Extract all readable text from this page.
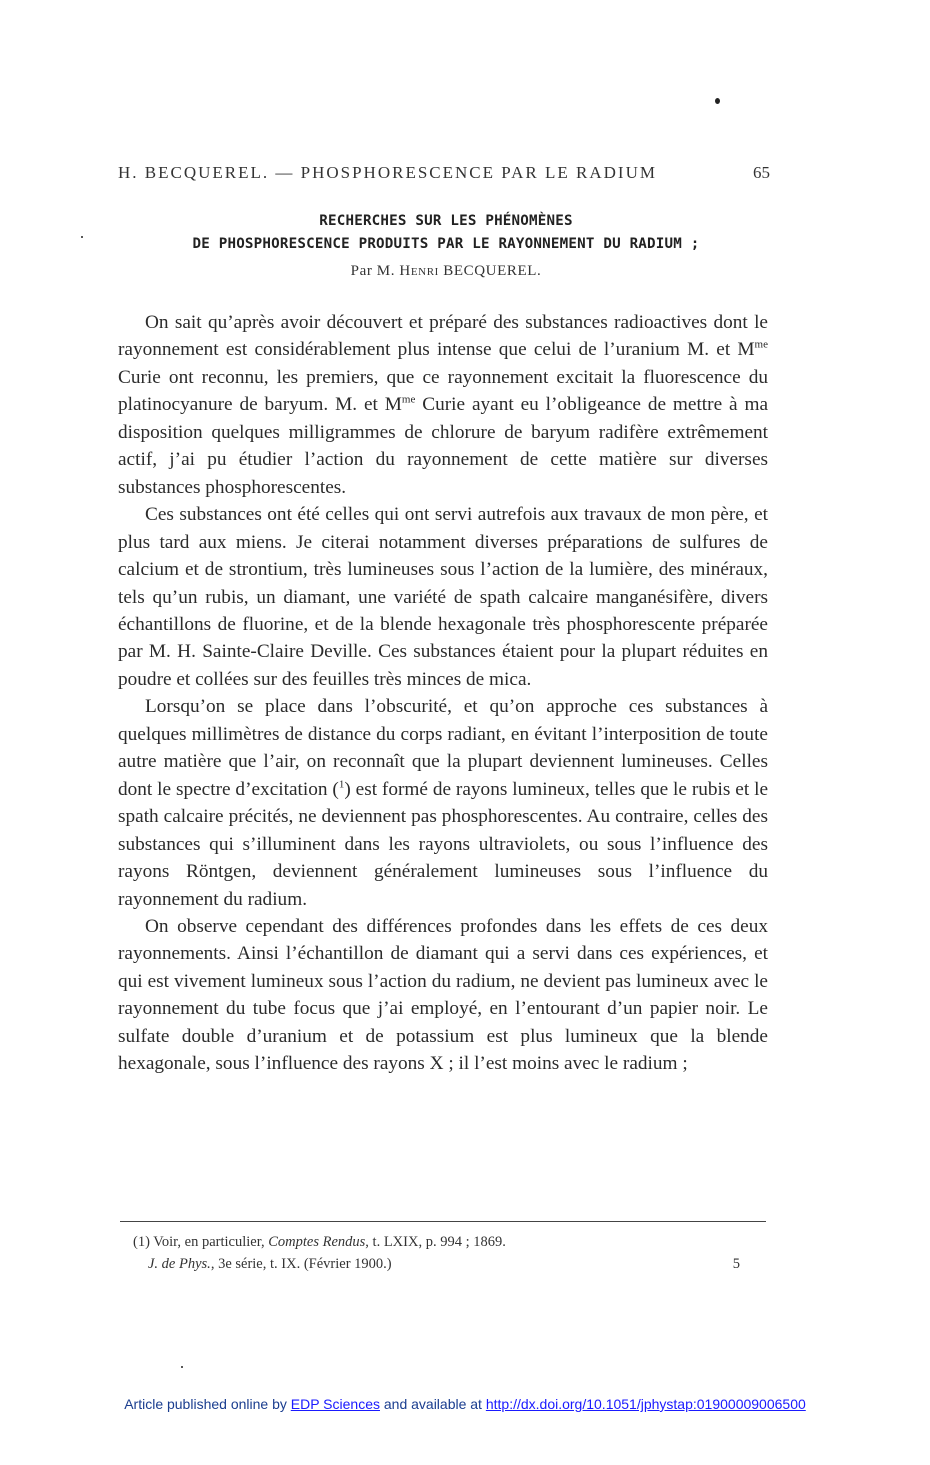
H. BECQUEREL. — PHOSPHORESCENCE PAR LE RADIUM	65
RECHERCHES SUR LES PHÉNOMÈNES
DE PHOSPHORESCENCE PRODUITS PAR LE RAYONNEMENT DU RADIUM ;
Par M. Henri BECQUEREL.

On sait qu’après avoir découvert et préparé des substances radioactives dont le rayonnement est considérablement plus intense que celui de l’uranium M. et $M^{me}$ Curie ont reconnu, les premiers, que ce rayonnement excitait la fluorescence du platinocyanure de baryum. M. et $M^{me}$ Curie ayant eu l’obligeance de mettre à ma disposition quelques milligrammes de chlorure de baryum radifère extrêmement actif, j’ai pu étudier l’action du rayonnement de cette matière sur diverses substances phosphorescentes.

Ces substances ont été celles qui ont servi autrefois aux travaux de mon père, et plus tard aux miens. Je citerai notamment diverses préparations de sulfures de calcium et de strontium, très lumineuses sous l’action de la lumière, des minéraux, tels qu’un rubis, un diamant, une variété de spath calcaire manganésifère, divers échantillons de fluorine, et de la blende hexagonale très phosphorescente préparée par M. H. Sainte-Claire Deville. Ces substances étaient pour la plupart réduites en poudre et collées sur des feuilles très minces de mica.

Lorsqu’on se place dans l’obscurité, et qu’on approche ces substances à quelques millimètres de distance du corps radiant, en évitant l’interposition de toute autre matière que l’air, on reconnaît que la plupart deviennent lumineuses. Celles dont le spectre d’excitation ($^1$) est formé de rayons lumineux, telles que le rubis et le spath calcaire précités, ne deviennent pas phosphorescentes. Au contraire, celles des substances qui s’illuminent dans les rayons ultraviolets, ou sous l’influence des rayons Röntgen, deviennent généralement lumineuses sous l’influence du rayonnement du radium.

On observe cependant des différences profondes dans les effets de ces deux rayonnements. Ainsi l’échantillon de diamant qui a servi dans ces expériences, et qui est vivement lumineux sous l’action du radium, ne devient pas lumineux avec le rayonnement du tube focus que j’ai employé, en l’entourant d’un papier noir. Le sulfate double d’uranium et de potassium est plus lumineux que la blende hexagonale, sous l’influence des rayons X ; il l’est moins avec le radium ;

(1) Voir, en particulier, Comptes Rendus, t. LXIX, p. 994 ; 1869.
J. de Phys., 3e série, t. IX. (Février 1900.)	5
Article published online by EDP Sciences and available at http://dx.doi.org/10.1051/jphystap:01900009006500
